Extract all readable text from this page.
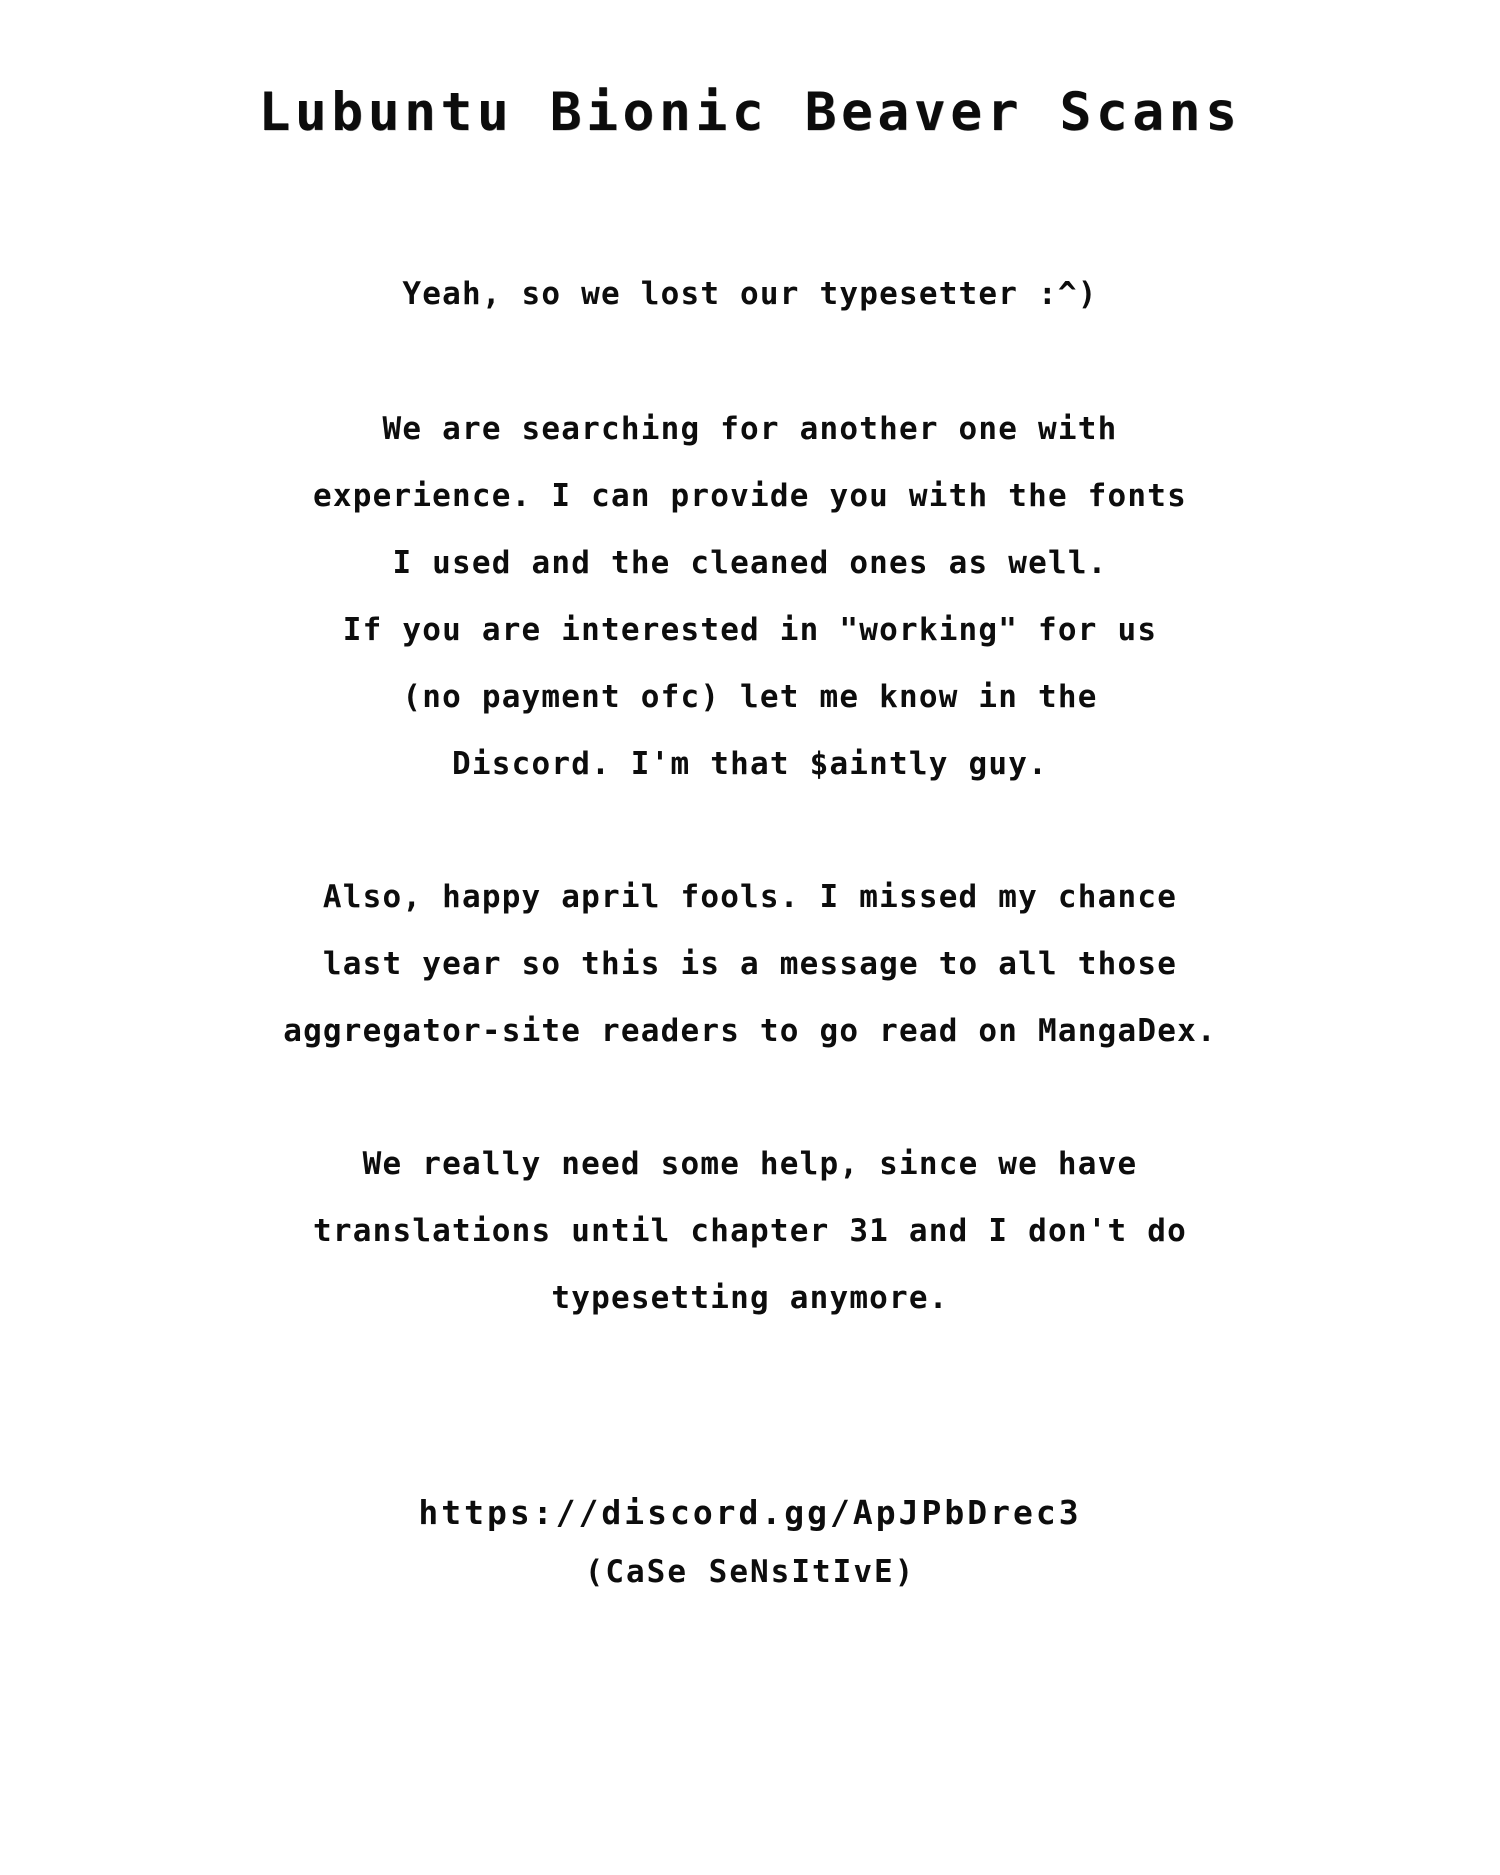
Lubuntu Bionic Beaver Scans
Yeah, so we lost our typesetter :^)
We are searching for another one with
experience. I can provide you with the fonts
I used and the cleaned ones as well.
If you are interested in "working" for us
(no payment ofc) let me know in the
Discord. I'm that $aintly guy.
Also, happy april fools. I missed my chance
last year so this is a message to all those
aggregator-site readers to go read on MangaDex.
We really need some help, since we have
translations until chapter 31 and I don't do
typesetting anymore.
https://discord.gg/ApJPbDrec3
(CaSe SeNsItIvE)
